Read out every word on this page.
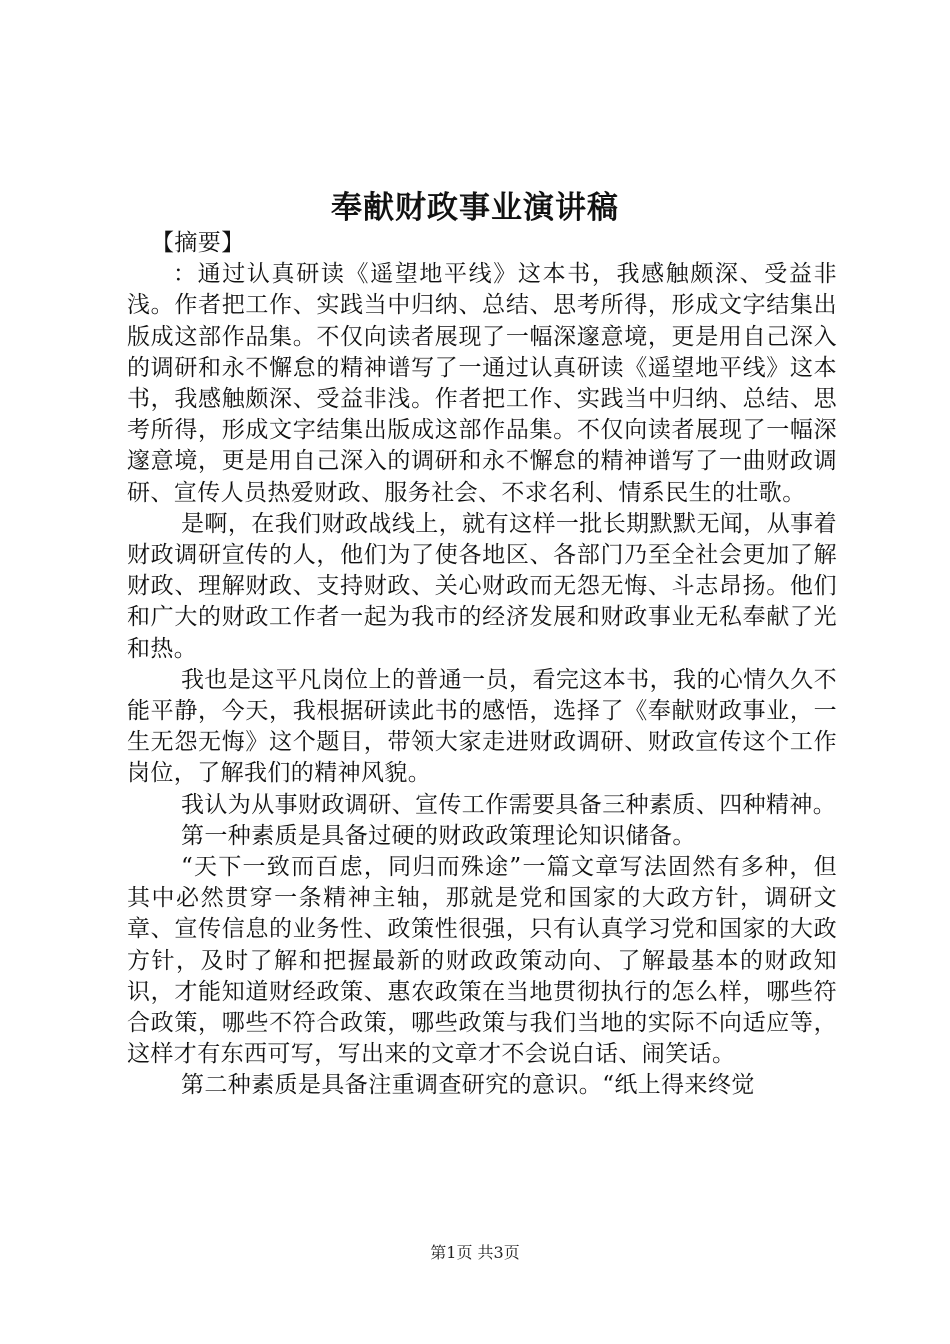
奉献财政事业演讲稿

【摘要】

：通过认真研读《遥望地平线》这本书，我感触颇深、受益非浅。作者把工作、实践当中归纳、总结、思考所得，形成文字结集出版成这部作品集。不仅向读者展现了一幅深邃意境，更是用自己深入的调研和永不懈怠的精神谱写了一通过认真研读《遥望地平线》这本书，我感触颇深、受益非浅。作者把工作、实践当中归纳、总结、思考所得，形成文字结集出版成这部作品集。不仅向读者展现了一幅深邃意境，更是用自己深入的调研和永不懈怠的精神谱写了一曲财政调研、宣传人员热爱财政、服务社会、不求名利、情系民生的壮歌。

是啊，在我们财政战线上，就有这样一批长期默默无闻，从事着财政调研宣传的人，他们为了使各地区、各部门乃至全社会更加了解财政、理解财政、支持财政、关心财政而无怨无悔、斗志昂扬。他们和广大的财政工作者一起为我市的经济发展和财政事业无私奉献了光和热。

我也是这平凡岗位上的普通一员，看完这本书，我的心情久久不能平静，今天，我根据研读此书的感悟，选择了《奉献财政事业，一生无怨无悔》这个题目，带领大家走进财政调研、财政宣传这个工作岗位，了解我们的精神风貌。

我认为从事财政调研、宣传工作需要具备三种素质、四种精神。

第一种素质是具备过硬的财政政策理论知识储备。

“天下一致而百虑，同归而殊途”一篇文章写法固然有多种，但其中必然贯穿一条精神主轴，那就是党和国家的大政方针，调研文章、宣传信息的业务性、政策性很强，只有认真学习党和国家的大政方针，及时了解和把握最新的财政政策动向、了解最基本的财政知识，才能知道财经政策、惠农政策在当地贯彻执行的怎么样，哪些符合政策，哪些不符合政策，哪些政策与我们当地的实际不向适应等，这样才有东西可写，写出来的文章才不会说白话、闹笑话。

第二种素质是具备注重调查研究的意识。“纸上得来终觉

第1页 共3页
